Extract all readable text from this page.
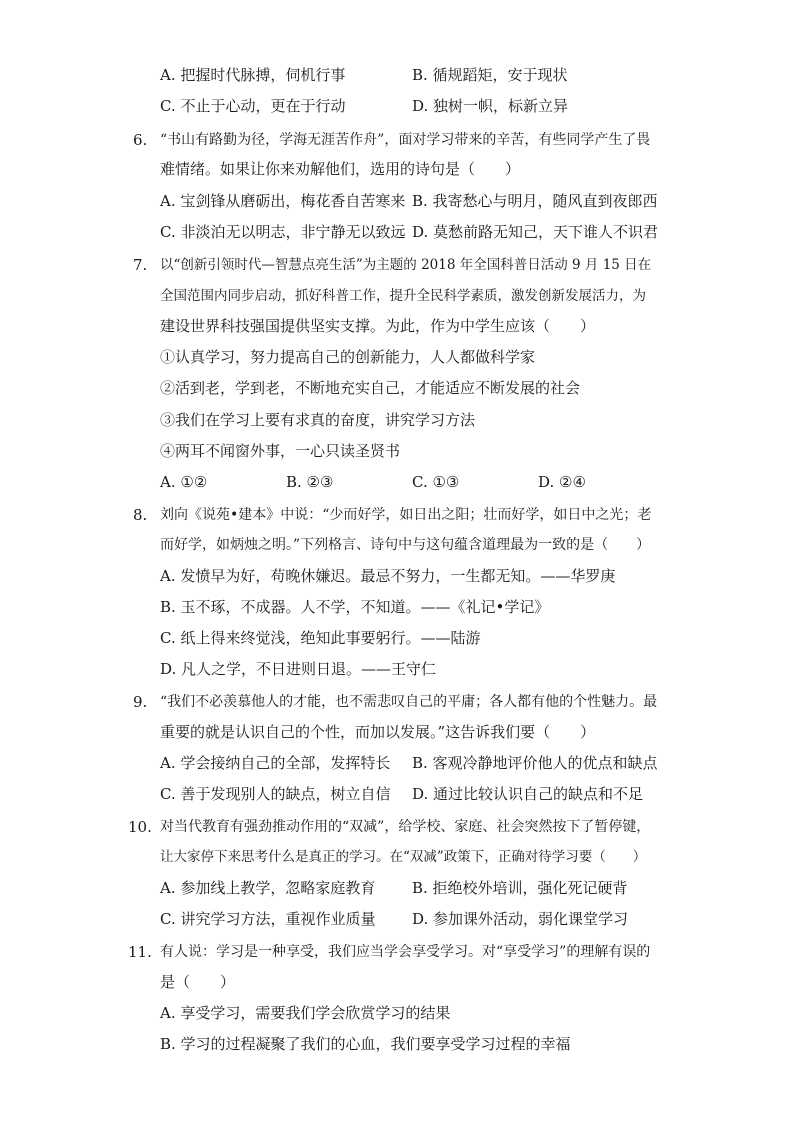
A. 把握时代脉搏，伺机行事	B. 循规蹈矩，安于现状
C. 不止于心动，更在于行动	D. 独树一帜，标新立异
6. “书山有路勤为径，学海无涯苦作舟”，面对学习带来的辛苦，有些同学产生了畏
难情绪。如果让你来劝解他们，选用的诗句是（　　）
A. 宝剑锋从磨砺出，梅花香自苦寒来 B. 我寄愁心与明月，随风直到夜郎西
C. 非淡泊无以明志，非宁静无以致远 D. 莫愁前路无知己，天下谁人不识君
7. 以“创新引领时代—智慧点亮生活”为主题的 2018 年全国科普日活动 9 月 15 日在
全国范围内同步启动，抓好科普工作，提升全民科学素质，激发创新发展活力，为
建设世界科技强国提供坚实支撑。为此，作为中学生应该（　　）
①认真学习，努力提高自己的创新能力，人人都做科学家
②活到老，学到老，不断地充实自己，才能适应不断发展的社会
③我们在学习上要有求真的奋度，讲究学习方法
④两耳不闻窗外事，一心只读圣贤书
A. ①②	B. ②③	C. ①③	D. ②④
8. 刘向《说苑•建本》中说：“少而好学，如日出之阳；壮而好学，如日中之光；老
而好学，如炳烛之明。”下列格言、诗句中与这句蕴含道理最为一致的是（　　）
A. 发愤早为好，苟晚休嫌迟。最忌不努力，一生都无知。——华罗庚
B. 玉不琢，不成器。人不学，不知道。——《礼记•学记》
C. 纸上得来终觉浅，绝知此事要躬行。——陆游
D. 凡人之学，不日进则日退。——王守仁
9. “我们不必羡慕他人的才能，也不需悲叹自己的平庸；各人都有他的个性魅力。最
重要的就是认识自己的个性，而加以发展。”这告诉我们要（　　）
A. 学会接纳自己的全部，发挥特长 B. 客观冷静地评价他人的优点和缺点
C. 善于发现别人的缺点，树立自信 D. 通过比较认识自己的缺点和不足
10. 对当代教育有强劲推动作用的“双减”，给学校、家庭、社会突然按下了暂停键，
让大家停下来思考什么是真正的学习。在“双减”政策下，正确对待学习要（　　）
A. 参加线上教学，忽略家庭教育 B. 拒绝校外培训，强化死记硬背
C. 讲究学习方法，重视作业质量 D. 参加课外活动，弱化课堂学习
11. 有人说：学习是一种享受，我们应当学会享受学习。对“享受学习”的理解有误的
是（　　）
A. 享受学习，需要我们学会欣赏学习的结果
B. 学习的过程凝聚了我们的心血，我们要享受学习过程的幸福
